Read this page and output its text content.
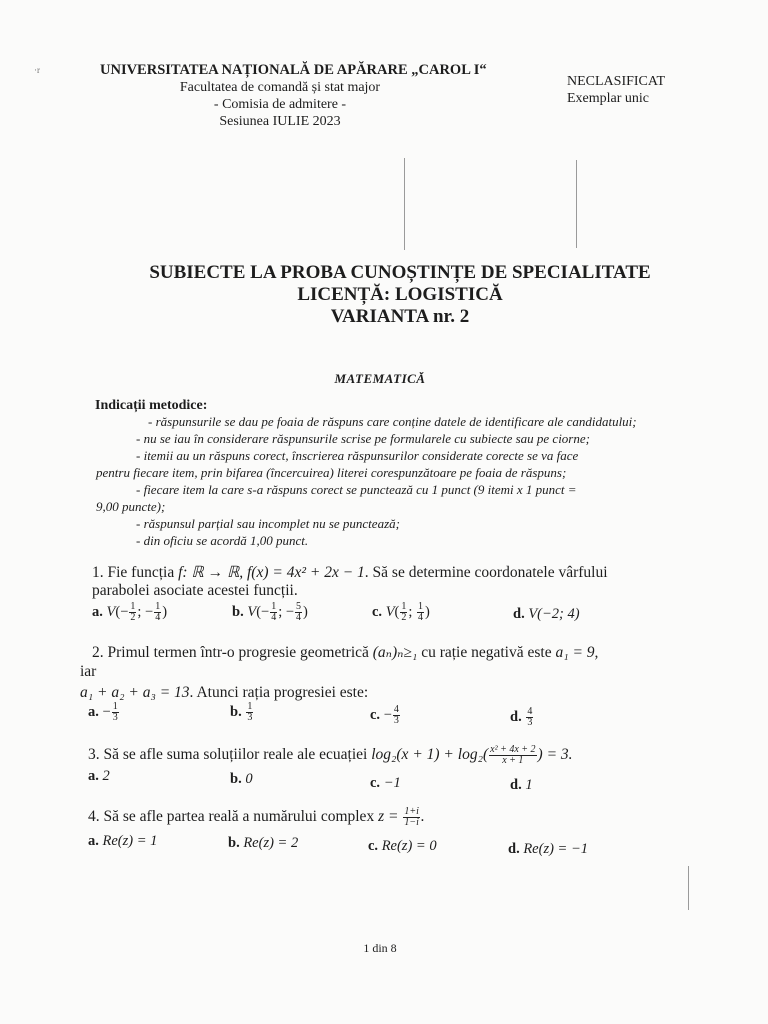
·r	UNIVERSITATEA NAȚIONALĂ DE APĂRARE „CAROL I“
Facultatea de comandă și stat major
- Comisia de admitere -
Sesiunea IULIE 2023
NECLASIFICAT
Exemplar unic
SUBIECTE LA PROBA CUNOȘTINȚE DE SPECIALITATE
LICENȚĂ: LOGISTICĂ
VARIANTA nr. 2
MATEMATICĂ
Indicații metodice:
- răspunsurile se dau pe foaia de răspuns care conține datele de identificare ale candidatului;
- nu se iau în considerare răspunsurile scrise pe formularele cu subiecte sau pe ciorne;
- itemii au un răspuns corect, înscrierea răspunsurilor considerate corecte se va face
pentru fiecare item, prin bifarea (încercuirea) literei corespunzătoare pe foaia de răspuns;
- fiecare item la care s-a răspuns corect se punctează cu 1 punct (9 itemi x 1 punct =
9,00 puncte);
- răspunsul parțial sau incomplet nu se punctează;
- din oficiu se acordă 1,00 punct.
1. Fie funcția f: ℝ → ℝ, f(x) = 4x² + 2x − 1. Să se determine coordonatele vârfului
parabolei asociate acestei funcții.
a. $V(- \frac{1}{2}$ ; − $\frac{1}{4}$ )	b. $V(- \frac{1}{4}$ ; − $\frac{5}{4}$ )	c. $V( \frac{1}{2}$ ; $\frac{1}{4}$ )	d. V(−2; 4)
2. Primul termen într-o progresie geometrică (aₙ)ₙ≥₁ cu rație negativă este a₁ = 9,
iar
a₁ + a₂ + a₃ = 13. Atunci rația progresiei este:
a. − $\frac{1}{3}$	b. $\frac{1}{3}$	c. − $\frac{4}{3}$	d. $\frac{4}{3}$
3. Să se afle suma soluțiilor reale ale ecuației $\log_2(x + 1) + \log_2( \frac{\text{x² + 4x + 2}}{x + 1}$ ) = 3.
a. 2	b. 0	c. −1	d. 1
4. Să se afle partea reală a numărului complex $z = \frac{1+i}{1-i}$ .
a. Re(z) = 1	b. Re(z) = 2	c. Re(z) = 0	d. Re(z) = −1
1 din 8
